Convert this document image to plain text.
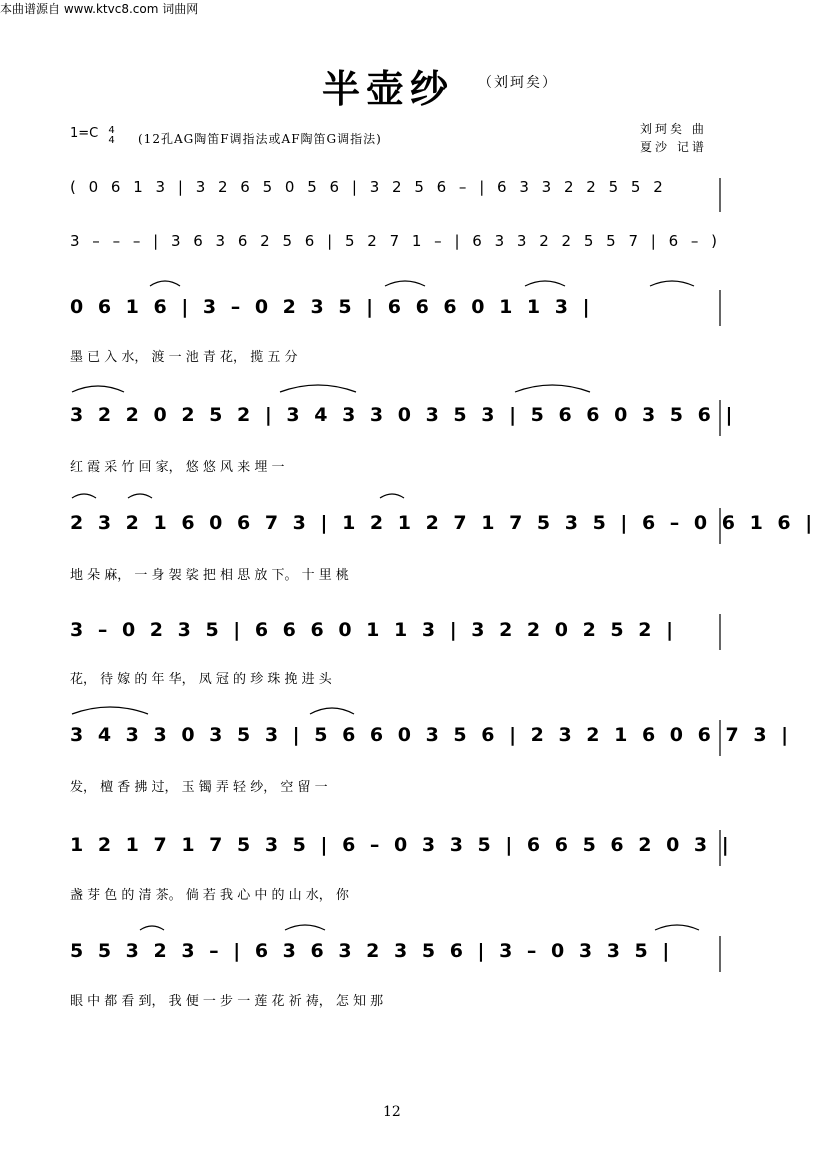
本曲谱源自 www.ktvc8.com 词曲网
半壶纱 （刘珂矣）
1=C 4
4	(12孔AG陶笛F调指法或AF陶笛G调指法)
刘珂矣 曲
夏沙 记谱
( 0 6 1 3 | 3 2 6 5 0 5 6 | 3 2 5 6 – | 6 3 3 2 2 5 5 2
3 – – – | 3 6 3 6 2 5 6 | 5 2 7 1 – | 6 3 3 2 2 5 5 7 | 6 – )
0 6 1 6 | 3 – 0 2 3 5 | 6 6 6 0 1 1 3 |
墨 已 入 水， 渡 一 池 青 花， 揽 五 分
3 2 2 0 2 5 2 | 3 4 3 3 0 3 5 3 | 5 6 6 0 3 5 6 |
红 霞 采 竹 回 家， 悠 悠 风 来 埋 一
2 3 2 1 6 0 6 7 3 | 1 2 1 2 7 1 7 5 3 5 | 6 – 0 6 1 6 |
地 朵 麻， 一 身 袈 裟 把 相 思 放 下。 十 里 桃
3 – 0 2 3 5 | 6 6 6 0 1 1 3 | 3 2 2 0 2 5 2 |
花， 待 嫁 的 年 华， 凤 冠 的 珍 珠 挽 进 头
3 4 3 3 0 3 5 3 | 5 6 6 0 3 5 6 | 2 3 2 1 6 0 6 7 3 |
发， 檀 香 拂 过， 玉 镯 弄 轻 纱， 空 留 一
1 2 1 7 1 7 5 3 5 | 6 – 0 3 3 5 | 6 6 5 6 2 0 3 |
盏 芽 色 的 清 茶。 倘 若 我 心 中 的 山 水， 你
5 5 3 2 3 – | 6 3 6 3 2 3 5 6 | 3 – 0 3 3 5 |
眼 中 都 看 到， 我 便 一 步 一 莲 花 祈 祷， 怎 知 那
12
